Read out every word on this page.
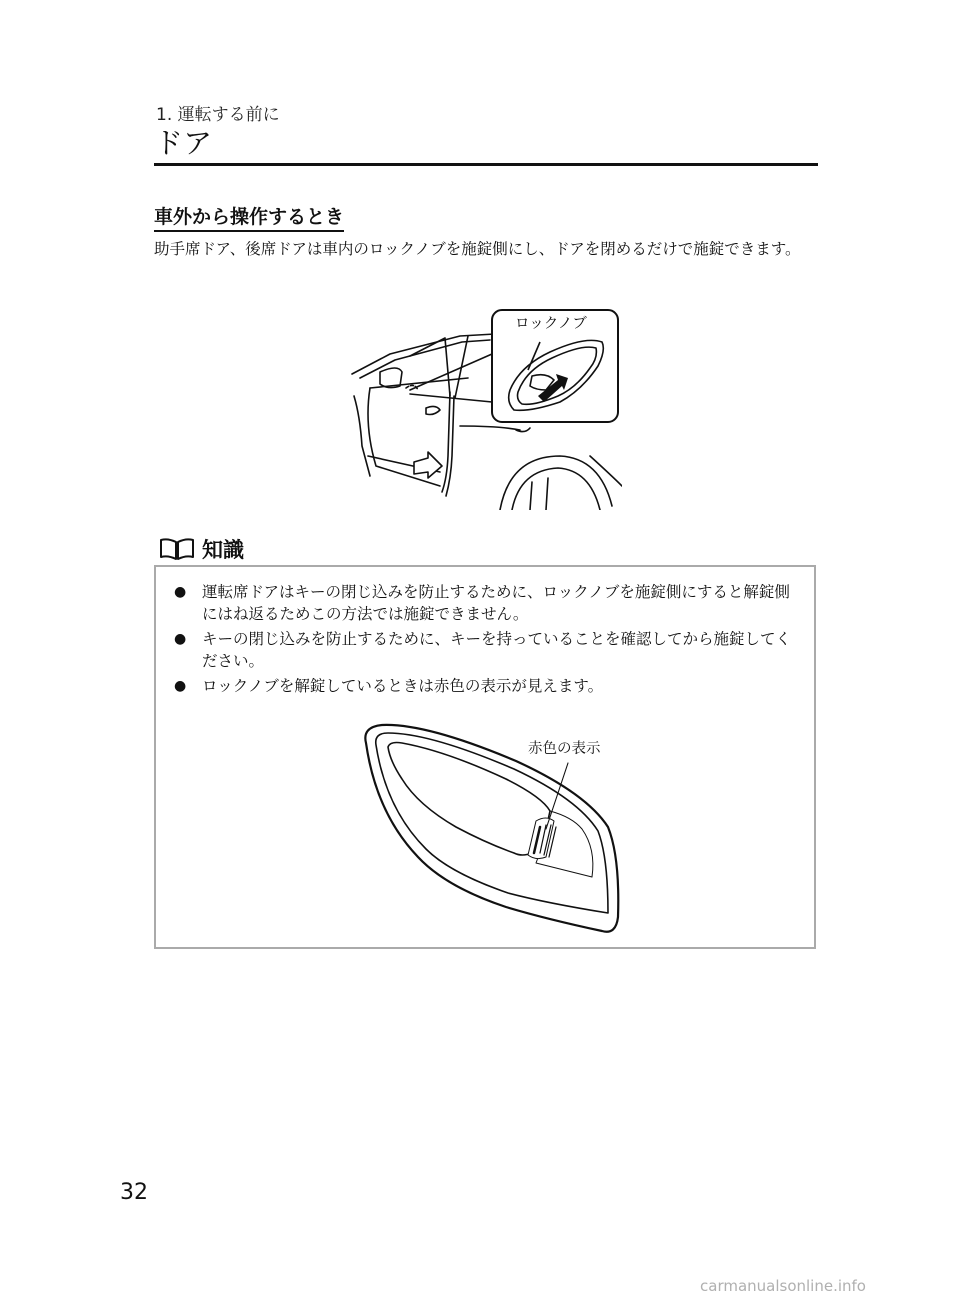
1. 運転する前に
ドア
車外から操作するとき
助手席ドア、後席ドアは車内のロックノブを施錠側にし、ドアを閉めるだけで施錠できます。
ロックノブ
知識
● 運転席ドアはキーの閉じ込みを防止するために、ロックノブを施錠側にすると解錠側にはね返るためこの方法では施錠できません。
● キーの閉じ込みを防止するために、キーを持っていることを確認してから施錠してください。
● ロックノブを解錠しているときは赤色の表示が見えます。
赤色の表示
32
carmanualsonline.info
